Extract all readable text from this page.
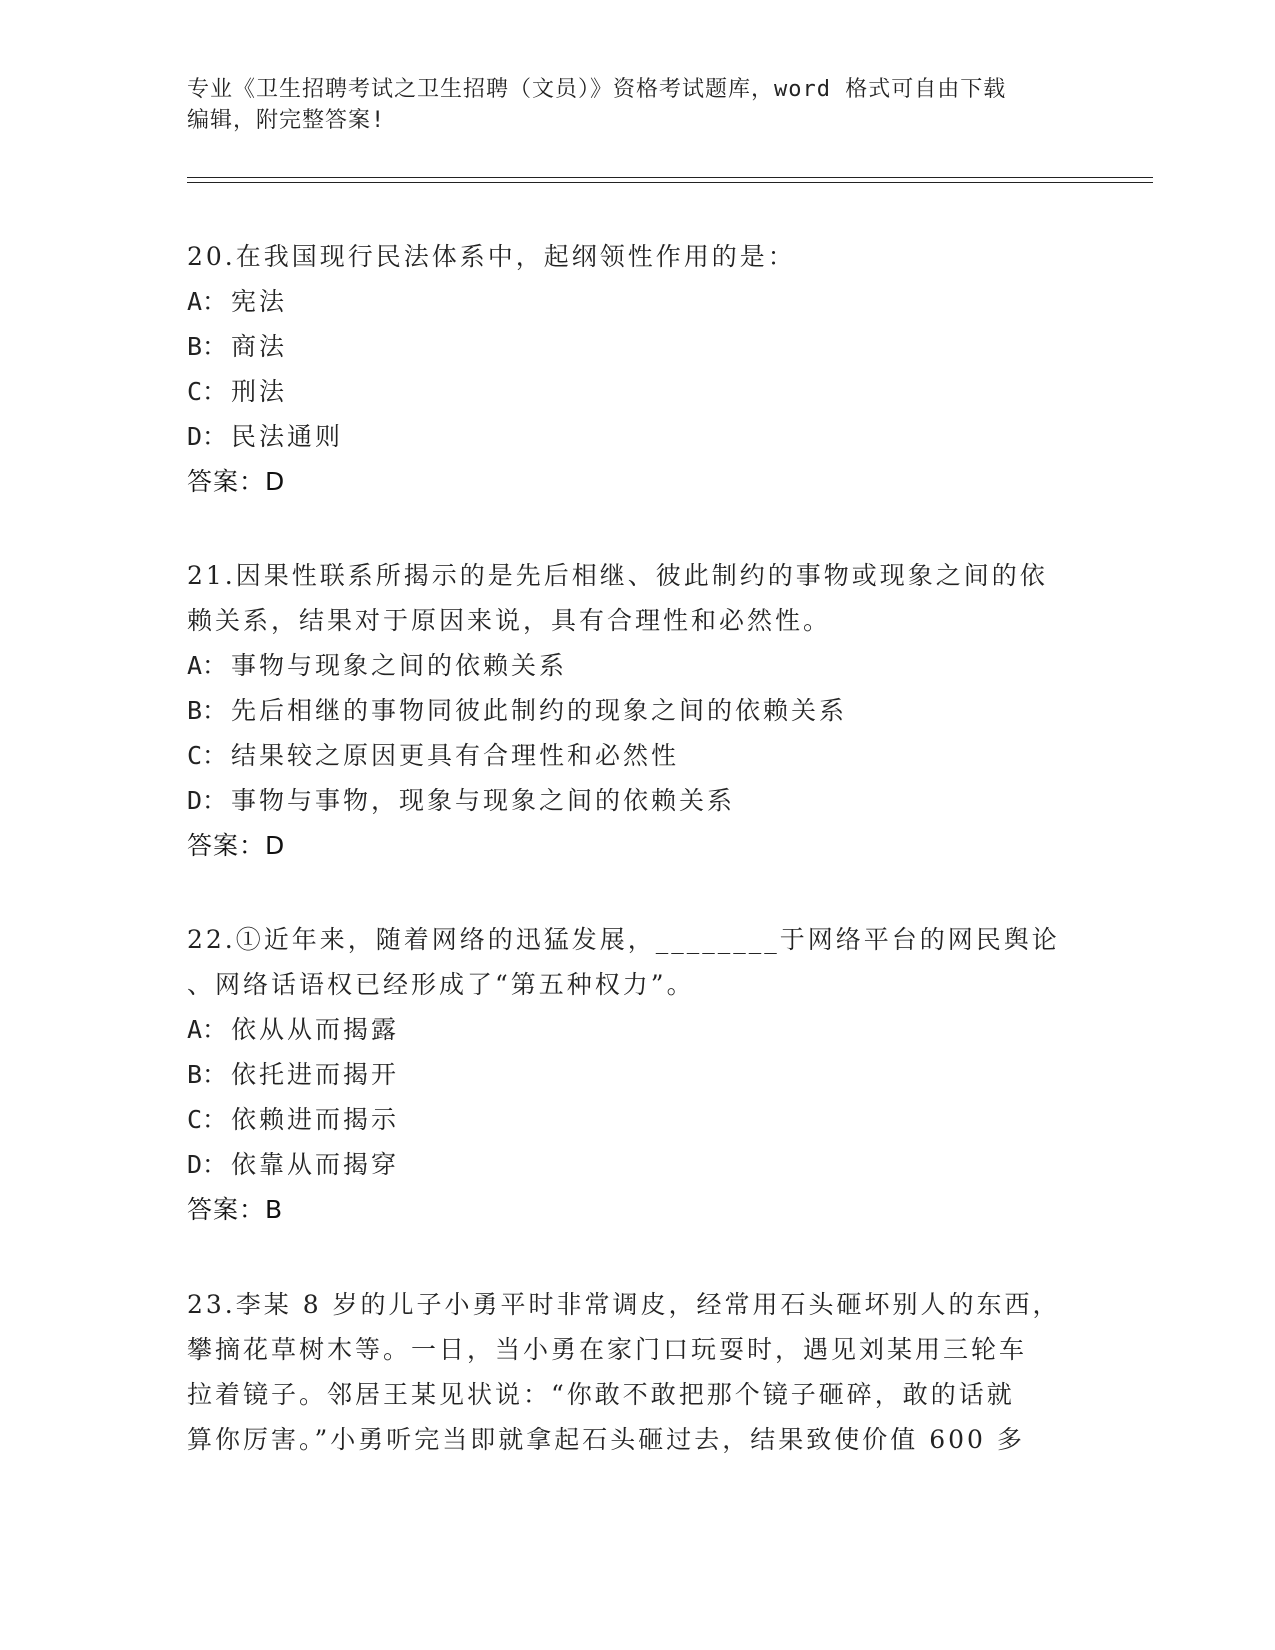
专业《卫生招聘考试之卫生招聘（文员）》资格考试题库，word 格式可自由下载
编辑，附完整答案!
20.在我国现行民法体系中，起纲领性作用的是：
A： 宪法
B： 商法
C： 刑法
D： 民法通则
答案：D
21.因果性联系所揭示的是先后相继、彼此制约的事物或现象之间的依
赖关系，结果对于原因来说，具有合理性和必然性。
A： 事物与现象之间的依赖关系
B： 先后相继的事物同彼此制约的现象之间的依赖关系
C： 结果较之原因更具有合理性和必然性
D： 事物与事物，现象与现象之间的依赖关系
答案：D
22.①近年来，随着网络的迅猛发展，________于网络平台的网民舆论
、网络话语权已经形成了“第五种权力”。
A： 依从从而揭露
B： 依托进而揭开
C： 依赖进而揭示
D： 依靠从而揭穿
答案：B
23.李某 8 岁的儿子小勇平时非常调皮，经常用石头砸坏别人的东西，
攀摘花草树木等。一日，当小勇在家门口玩耍时，遇见刘某用三轮车
拉着镜子。邻居王某见状说：“你敢不敢把那个镜子砸碎，敢的话就
算你厉害。”小勇听完当即就拿起石头砸过去，结果致使价值 600 多
